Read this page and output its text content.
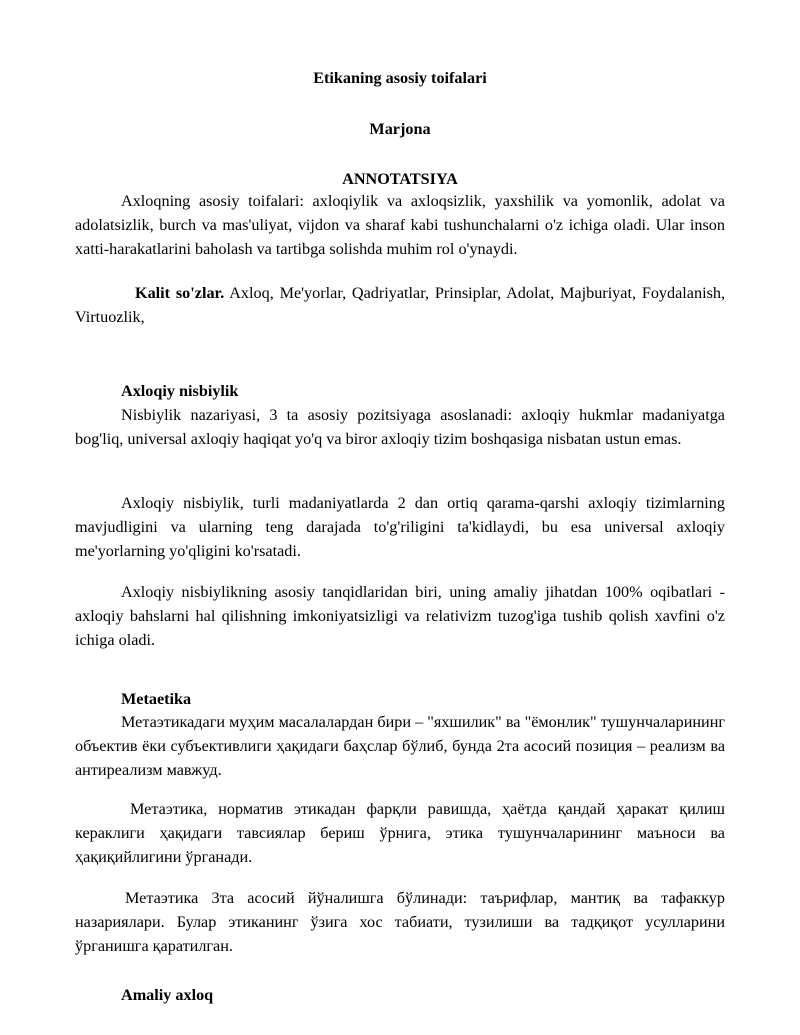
Etikaning asosiy toifalari
Marjona
ANNOTATSIYA

Axloqning asosiy toifalari: axloqiylik va axloqsizlik, yaxshilik va yomonlik, adolat va adolatsizlik, burch va mas'uliyat, vijdon va sharaf kabi tushunchalarni o'z ichiga oladi. Ular inson xatti-harakatlarini baholash va tartibga solishda muhim rol o'ynaydi.

Kalit so'zlar. Axloq, Me'yorlar, Qadriyatlar, Prinsiplar, Adolat, Majburiyat, Foydalanish, Virtuozlik,

Axloqiy nisbiylik

Nisbiylik nazariyasi, 3 ta asosiy pozitsiyaga asoslanadi: axloqiy hukmlar madaniyatga bog'liq, universal axloqiy haqiqat yo'q va biror axloqiy tizim boshqasiga nisbatan ustun emas.

Axloqiy nisbiylik, turli madaniyatlarda 2 dan ortiq qarama-qarshi axloqiy tizimlarning mavjudligini va ularning teng darajada to'g'riligini ta'kidlaydi, bu esa universal axloqiy me'yorlarning yo'qligini ko'rsatadi.

Axloqiy nisbiylikning asosiy tanqidlaridan biri, uning amaliy jihatdan 100% oqibatlari - axloqiy bahslarni hal qilishning imkoniyatsizligi va relativizm tuzog'iga tushib qolish xavfini o'z ichiga oladi.

Metaetika

Метаэтикадаги муҳим масалалардан бири – "яхшилик" ва "ёмонлик" тушунчаларининг объектив ёки субъективлиги ҳақидаги баҳслар бўлиб, бунда 2та асосий позиция – реализм ва антиреализм мавжуд.

Метаэтика, норматив этикадан фарқли равишда, ҳаётда қандай ҳаракат қилиш кераклиги ҳақидаги тавсиялар бериш ўрнига, этика тушунчаларининг маъноси ва ҳақиқийлигини ўрганади.

Метаэтика 3та асосий йўналишга бўлинади: таърифлар, мантиқ ва тафаккур назариялари. Булар этиканинг ўзига хос табиати, тузилиши ва тадқиқот усулларини ўрганишга қаратилган.

Amaliy axloq
